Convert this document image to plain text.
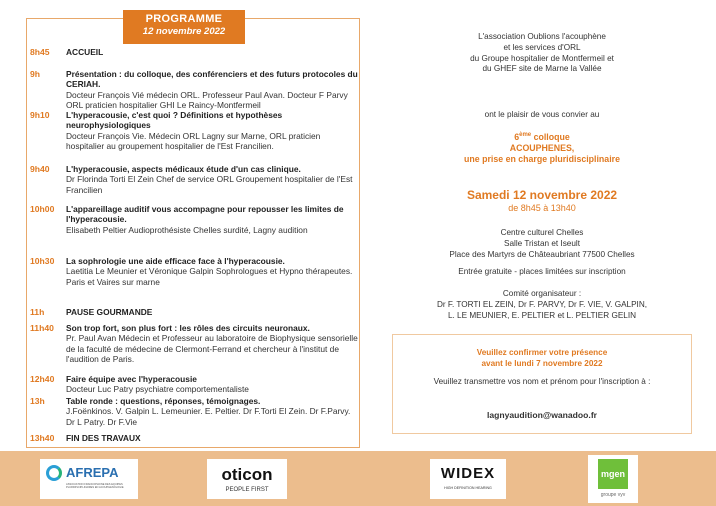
PROGRAMME
12 novembre 2022
8h45	ACCUEIL
9h	Présentation : du colloque, des conférenciers et des futurs protocoles du CERIAH.
Docteur François Vié médecin ORL. Professeur Paul Avan. Docteur F Parvy ORL praticien hospitalier GHI Le Raincy-Montfermeil
9h10	L'hyperacousie, c'est quoi ? Définitions et hypothèses neurophysiologiques
Docteur François Vie. Médecin ORL Lagny sur Marne, ORL praticien hospitalier au groupement hospitalier de l'Est Francilien.
9h40	L'hyperacousie, aspects médicaux étude d'un cas clinique.
Dr Florinda Torti El Zein Chef de service ORL Groupement hospitalier de l'Est Francilien
10h00	L'appareillage auditif vous accompagne pour repousser les limites de l'hyperacousie.
Elisabeth Peltier Audioprothésiste Chelles surdité, Lagny audition
10h30	La sophrologie une aide efficace face à l'hyperacousie.
Laetitia Le Meunier et Véronique Galpin Sophrologues et Hypno thérapeutes. Paris et Vaires sur marne
11h	PAUSE GOURMANDE
11h40	Son trop fort, son plus fort : les rôles des circuits neuronaux.
Pr. Paul Avan Médecin et Professeur au laboratoire de Biophysique sensorielle de la faculté de médecine de Clermont-Ferrand et chercheur à l'institut de l'audition de Paris.
12h40	Faire équipe avec l'hyperacousie
Docteur Luc Patry psychiatre comportementaliste
13h	Table ronde : questions, réponses, témoignages.
J.Foënkinos. V. Galpin L. Lemeunier. E. Peltier. Dr F.Torti El Zein. Dr F.Parvy. Dr L Patry. Dr F.Vie
13h40	FIN DES TRAVAUX
L'association Oublions l'acouphène
et les services d'ORL
du Groupe hospitalier de Montfermeil et
du GHEF site de Marne la Vallée
ont le plaisir de vous convier au
6ème colloque
ACOUPHENES,
une prise en charge pluridisciplinaire
Samedi 12 novembre 2022
de 8h45 à 13h40
Centre culturel Chelles
Salle Tristan et Iseult
Place des Martyrs de Châteaubriant 77500 Chelles
Entrée gratuite - places limitées sur inscription
Comité organisateur :
Dr F. TORTI EL ZEIN, Dr F. PARVY, Dr F. VIE, V. GALPIN,
L. LE MEUNIER, E. PELTIER et L. PELTIER GELIN
Veuillez confirmer votre présence
avant le lundi 7 novembre 2022
Veuillez transmettre vos nom et prénom pour l'inscription à :
lagnyaudition@wanadoo.fr
AFREPA
ASSOCIATION FRANCOPHONE DES EQUIPES PLURIDISCIPLINAIRES EN ACOUPHENOLOGIE
oticon
PEOPLE FIRST
WIDEX
HIGH DEFINITION HEARING
mgen
groupe vyv
